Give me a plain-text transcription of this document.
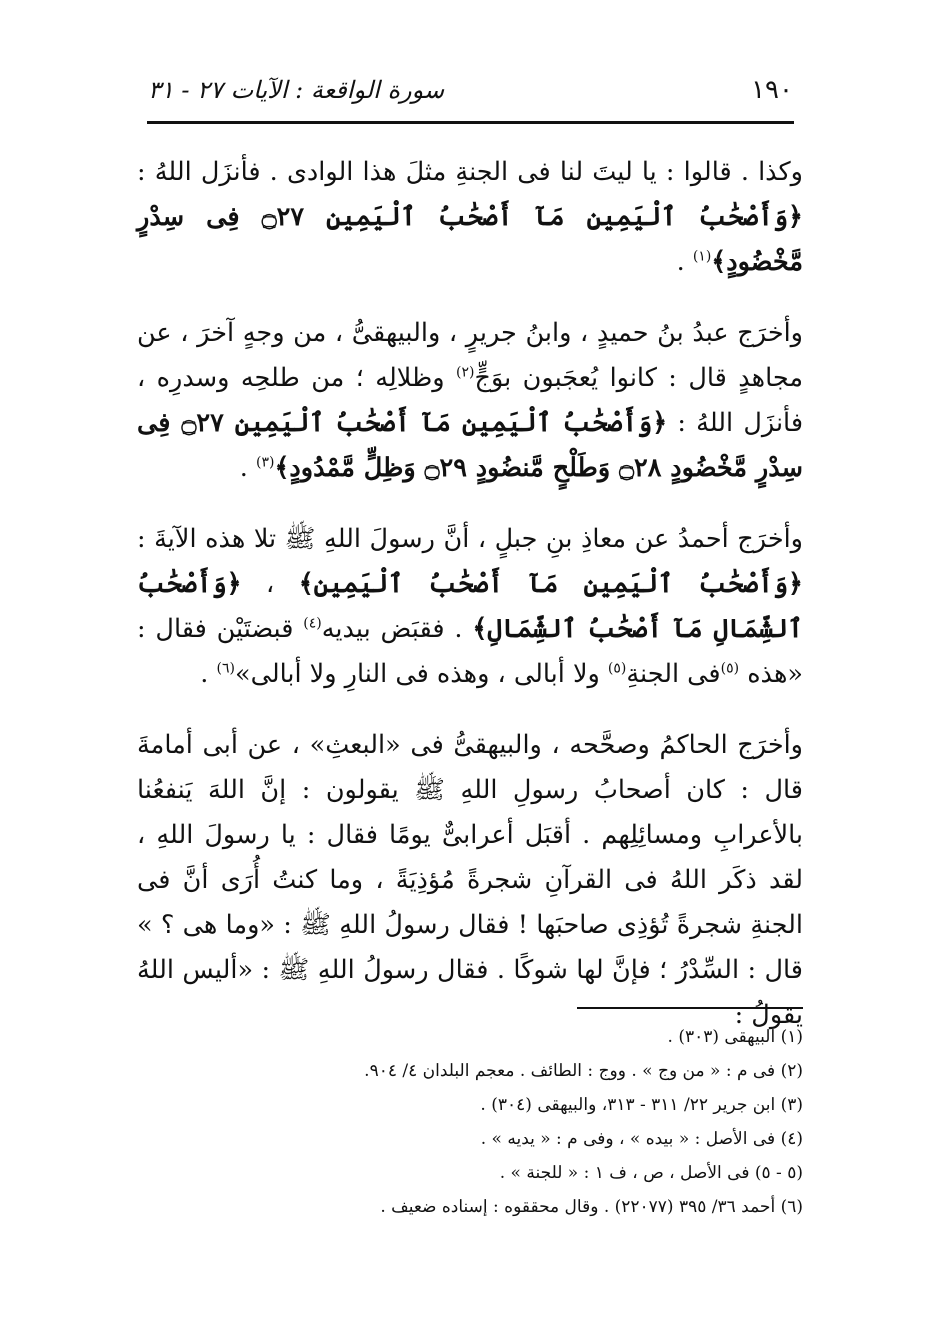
١٩٠
سورة الواقعة : الآيات ٢٧ - ٣١

وكذا . قالوا : يا ليتَ لنا فى الجنةِ مثلَ هذا الوادى . فأنزَل اللهُ : ﴿وَأَصْحَٰبُ ٱلْيَمِينِ مَآ أَصْحَٰبُ ٱلْيَمِينِ ۝٢٧ فِى سِدْرٍ مَّخْضُودٍ﴾$^{(١)}$ .

وأخرَج عبدُ بنُ حميدٍ ، وابنُ جريرٍ ، والبيهقىُّ ، من وجهٍ آخرَ ، عن مجاهدٍ قال : كانوا يُعجَبون بوَجٍّ$^{(٢)}$ وظلالِه ؛ من طلحِه وسدرِه ، فأنزَل اللهُ : ﴿وَأَصْحَٰبُ ٱلْيَمِينِ مَآ أَصْحَٰبُ ٱلْيَمِينِ ۝٢٧ فِى سِدْرٍ مَّخْضُودٍ ۝٢٨ وَطَلْحٍ مَّنضُودٍ ۝٢٩ وَظِلٍّ مَّمْدُودٍ﴾$^{(٣)}$ .

وأخرَج أحمدُ عن معاذِ بنِ جبلٍ ، أنَّ رسولَ اللهِ ﷺ تلا هذه الآيةَ : ﴿وَأَصْحَٰبُ ٱلْيَمِينِ مَآ أَصْحَٰبُ ٱلْيَمِينِ﴾ ، ﴿وَأَصْحَٰبُ ٱلشِّمَالِ مَآ أَصْحَٰبُ ٱلشِّمَالِ﴾ . فقبَض بيديه$^{(٤)}$ قبضتَيْن فقال : «هذه $^{(٥)}$فى الجنةِ$^{(٥)}$ ولا أبالى ، وهذه فى النارِ ولا أبالى»$^{(٦)}$ .

وأخرَج الحاكمُ وصحَّحه ، والبيهقىُّ فى «البعثِ» ، عن أبى أمامةَ قال : كان أصحابُ رسولِ اللهِ ﷺ يقولون : إنَّ اللهَ يَنفعُنا بالأعرابِ ومسائِلِهم . أقبَل أعرابىٌّ يومًا فقال : يا رسولَ اللهِ ، لقد ذكَر اللهُ فى القرآنِ شجرةً مُؤذِيَةً ، وما كنتُ أُرَى أنَّ فى الجنةِ شجرةً تُؤذِى صاحبَها ! فقال رسولُ اللهِ ﷺ : «وما هى ؟ » قال : السِّدْرُ ؛ فإنَّ لها شوكًا . فقال رسولُ اللهِ ﷺ : «أليس اللهُ يقولُ :

(١) البيهقى (٣٠٣) .
(٢) فى م : « من وج » . ووج : الطائف . معجم البلدان ٤/ ٩٠٤.
(٣) ابن جرير ٢٢/ ٣١١ - ٣١٣، والبيهقى (٣٠٤) .
(٤) فى الأصل : « بيده » ، وفى م : « يديه » .
(٥ - ٥) فى الأصل ، ص ، ف ١ : « للجنة » .
(٦) أحمد ٣٦/ ٣٩٥ (٢٢٠٧٧) . وقال محققوه : إسناده ضعيف .
